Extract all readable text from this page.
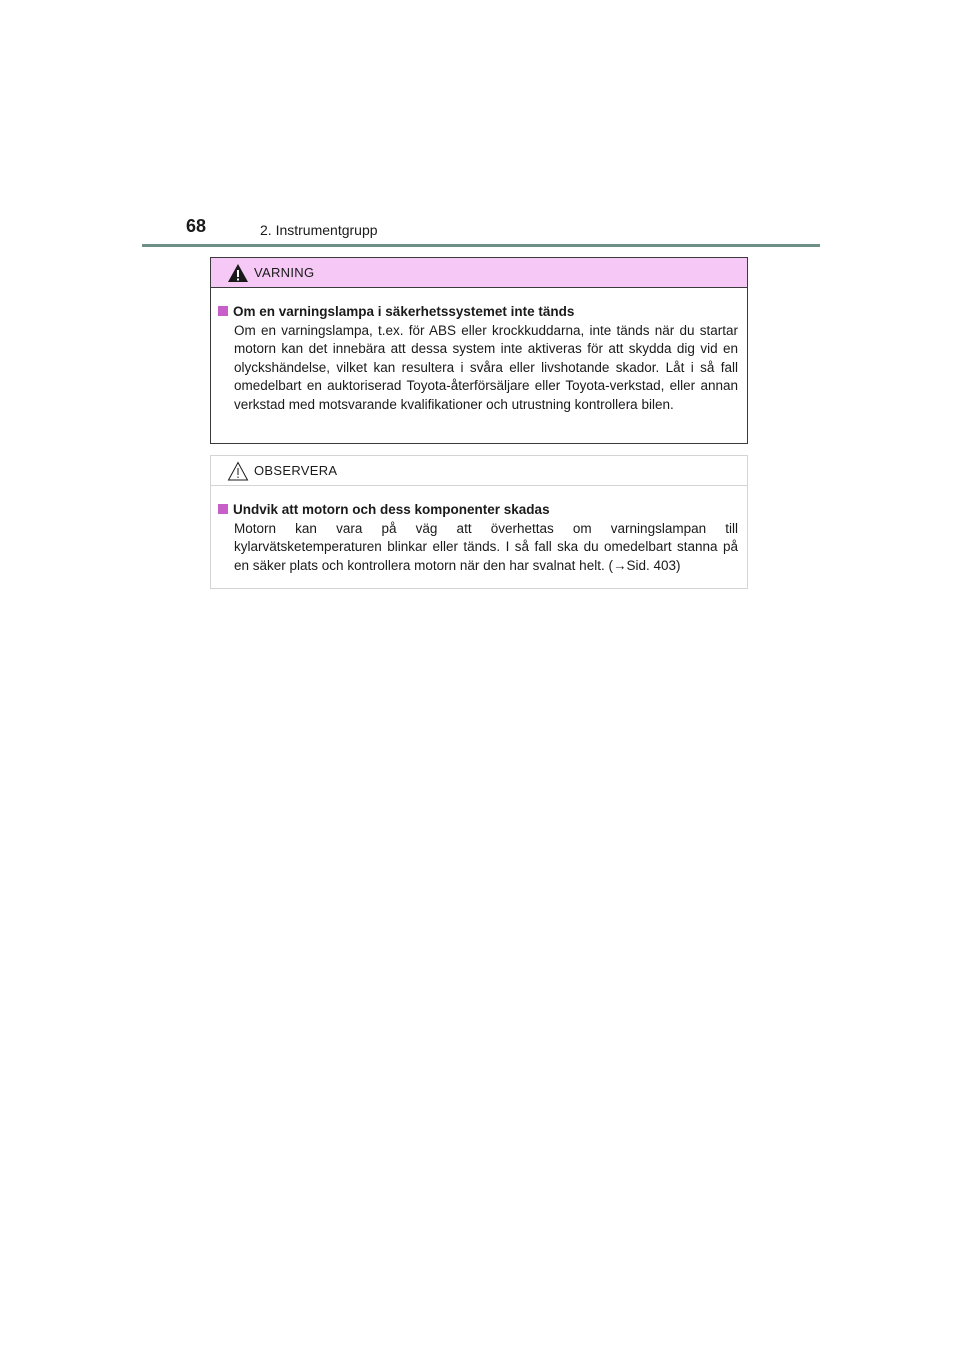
68	2. Instrumentgrupp
VARNING
Om en varningslampa i säkerhetssystemet inte tänds

Om en varningslampa, t.ex. för ABS eller krockkuddarna, inte tänds när du startar motorn kan det innebära att dessa system inte aktiveras för att skydda dig vid en olyckshändelse, vilket kan resultera i svåra eller livshotande skador. Låt i så fall omedelbart en auktoriserad Toyota-återförsäljare eller Toyota-verkstad, eller annan verkstad med motsvarande kvalifikationer och utrustning kontrollera bilen.

OBSERVERA
Undvik att motorn och dess komponenter skadas

Motorn kan vara på väg att överhettas om varningslampan till kylarvätsketemperaturen blinkar eller tänds. I så fall ska du omedelbart stanna på en säker plats och kontrollera motorn när den har svalnat helt. (→Sid. 403)
